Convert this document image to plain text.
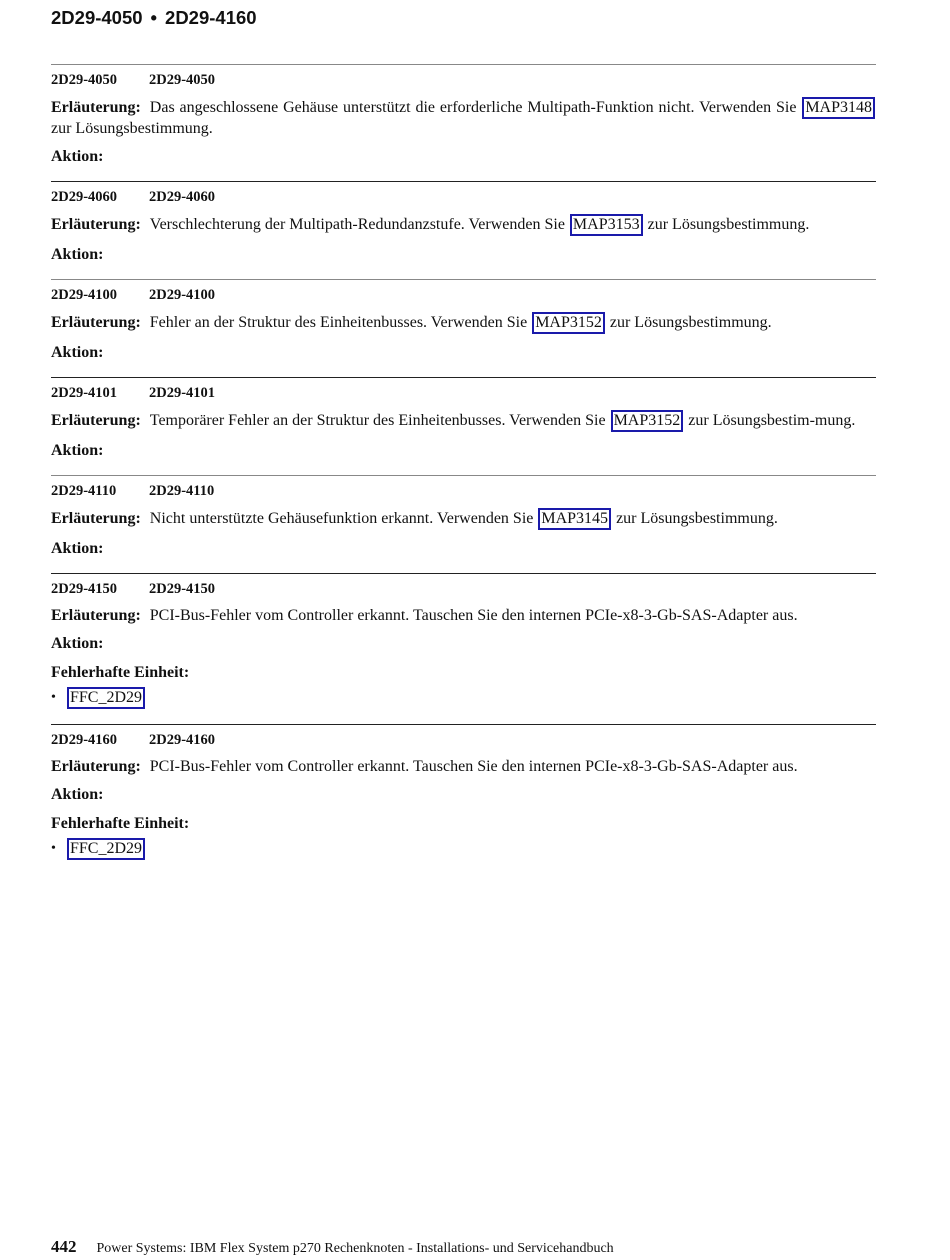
2D29-4050 • 2D29-4160
2D29-4050 2D29-4050

Erläuterung: Das angeschlossene Gehäuse unterstützt die erforderliche Multipath-Funktion nicht. Verwenden Sie MAP3148 zur Lösungsbestimmung.

Aktion:
2D29-4060 2D29-4060

Erläuterung: Verschlechterung der Multipath-Redundanzstufe. Verwenden Sie MAP3153 zur Lösungsbestimmung.

Aktion:
2D29-4100 2D29-4100

Erläuterung: Fehler an der Struktur des Einheitenbusses. Verwenden Sie MAP3152 zur Lösungsbestimmung.

Aktion:
2D29-4101 2D29-4101

Erläuterung: Temporärer Fehler an der Struktur des Einheitenbusses. Verwenden Sie MAP3152 zur Lösungsbestim-mung.

Aktion:
2D29-4110 2D29-4110

Erläuterung: Nicht unterstützte Gehäusefunktion erkannt. Verwenden Sie MAP3145 zur Lösungsbestimmung.

Aktion:
2D29-4150 2D29-4150

Erläuterung: PCI-Bus-Fehler vom Controller erkannt. Tauschen Sie den internen PCIe-x8-3-Gb-SAS-Adapter aus.

Aktion:
Fehlerhafte Einheit:
• FFC_2D29
2D29-4160 2D29-4160

Erläuterung: PCI-Bus-Fehler vom Controller erkannt. Tauschen Sie den internen PCIe-x8-3-Gb-SAS-Adapter aus.

Aktion:
Fehlerhafte Einheit:
• FFC_2D29
442 Power Systems: IBM Flex System p270 Rechenknoten - Installations- und Servicehandbuch
